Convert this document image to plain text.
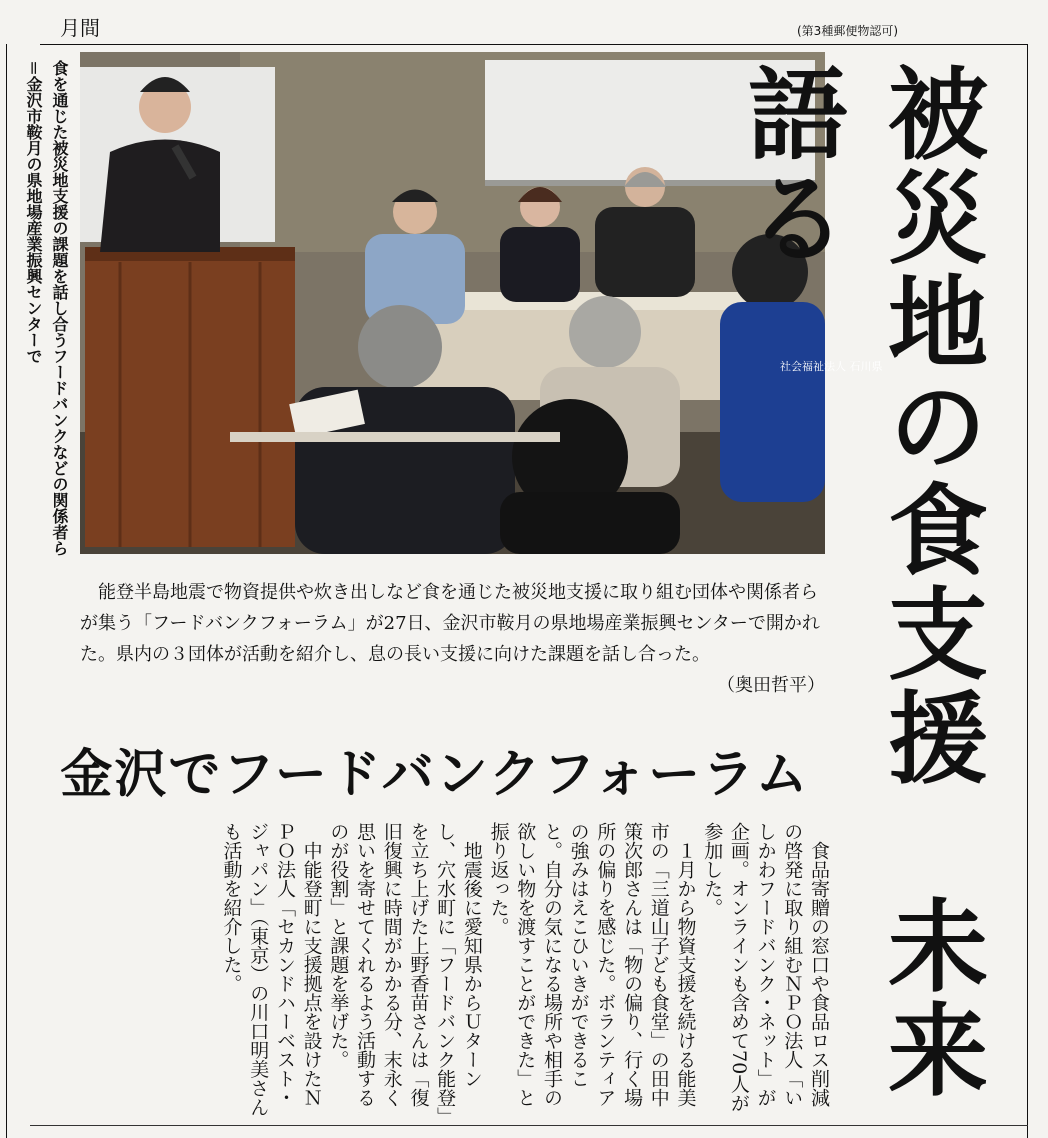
月間	(第3種郵便物認可)
食を通じた被災地支援の課題を話し合うフードバンクなどの関係者ら＝金沢市鞍月の県地場産業振興センターで
社会福祉法人 石川県
能登半島地震で物資提供や炊き出しなど食を通じた被災地支援に取り組む団体や関係者らが集う「フードバンクフォーラム」が27日、金沢市鞍月の県地場産業振興センターで開かれた。県内の３団体が活動を紹介し、息の長い支援に向けた課題を話し合った。
（奥田哲平）
金沢でフードバンクフォーラム 被災地の食支援　未来語る

食品寄贈の窓口や食品ロス削減の啓発に取り組むＮＰＯ法人「いしかわフードバンク・ネット」が企画。オンラインも含めて70人が参加した。

１月から物資支援を続ける能美市の「三道山子ども食堂」の田中策次郎さんは「物の偏り、行く場所の偏りを感じた。ボランティアの強みはえこひいきができること。自分の気になる場所や相手の欲しい物を渡すことができた」と振り返った。

地震後に愛知県からＵターンし、穴水町に「フードバンク能登」を立ち上げた上野香苗さんは「復旧復興に時間がかかる分、末永く思いを寄せてくれるよう活動するのが役割」と課題を挙げた。

中能登町に支援拠点を設けたＮＰＯ法人「セカンドハーベスト・ジャパン」（東京）の川口明美さんも活動を紹介した。
